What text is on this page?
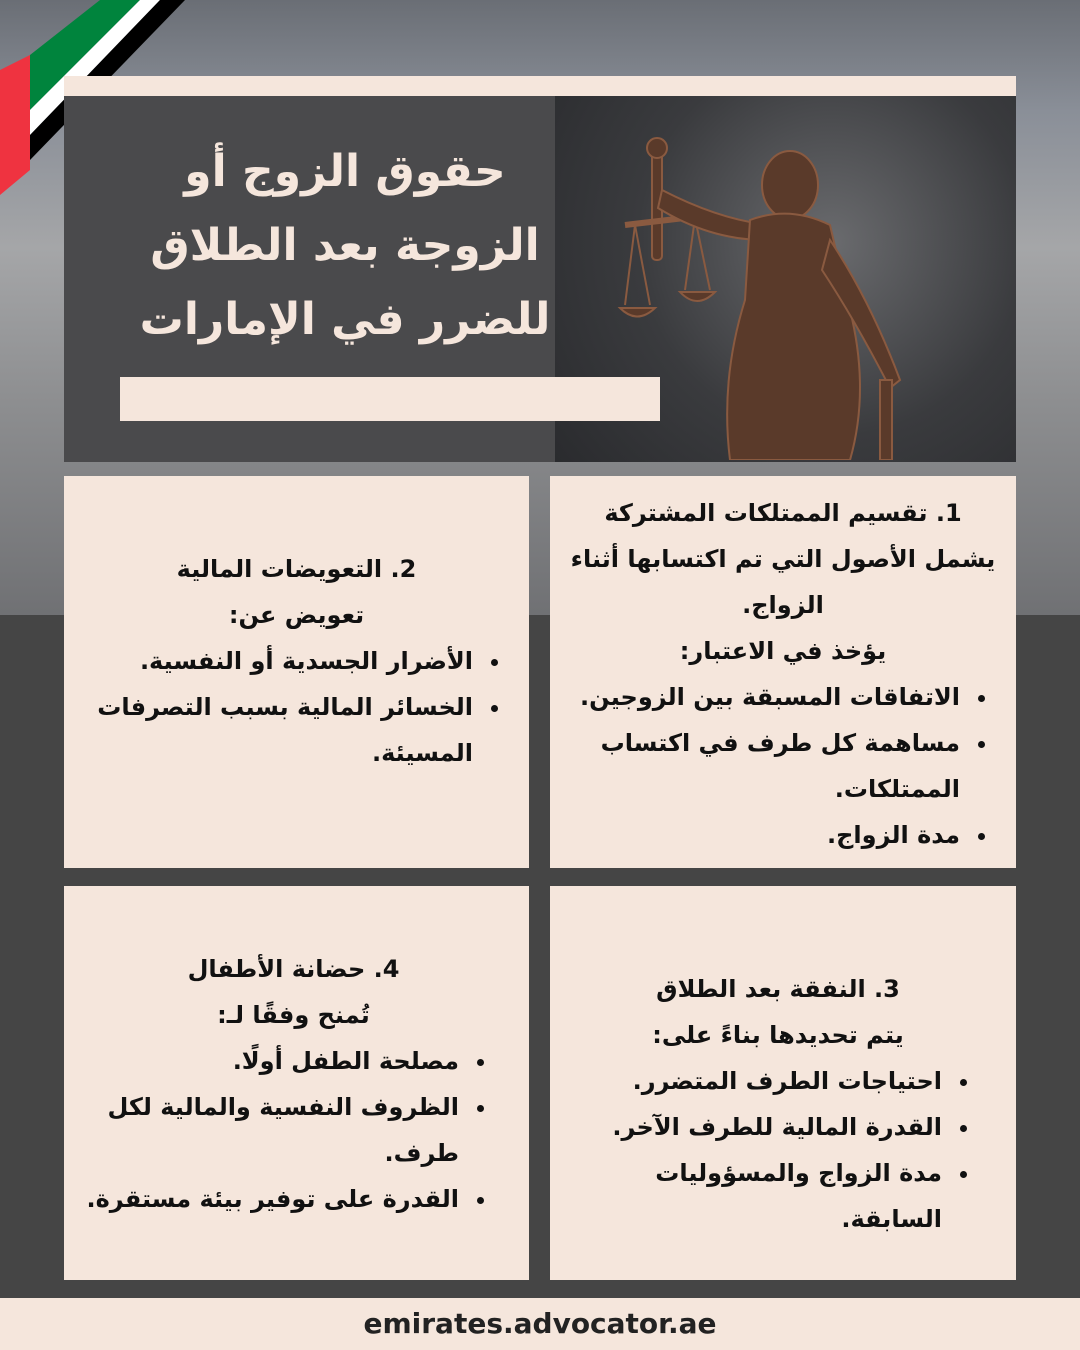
حقوق الزوج أو
الزوجة بعد الطلاق
للضرر في الإمارات
1. تقسيم الممتلكات المشتركة
يشمل الأصول التي تم اكتسابها أثناء الزواج.
يؤخذ في الاعتبار:
• الاتفاقات المسبقة بين الزوجين.
• مساهمة كل طرف في اكتساب الممتلكات.
• مدة الزواج.
2. التعويضات المالية
تعويض عن:
• الأضرار الجسدية أو النفسية.
• الخسائر المالية بسبب التصرفات المسيئة.
3. النفقة بعد الطلاق
يتم تحديدها بناءً على:
• احتياجات الطرف المتضرر.
• القدرة المالية للطرف الآخر.
• مدة الزواج والمسؤوليات السابقة.
4. حضانة الأطفال
تُمنح وفقًا لـ:
• مصلحة الطفل أولًا.
• الظروف النفسية والمالية لكل طرف.
• القدرة على توفير بيئة مستقرة.
emirates.advocator.ae
